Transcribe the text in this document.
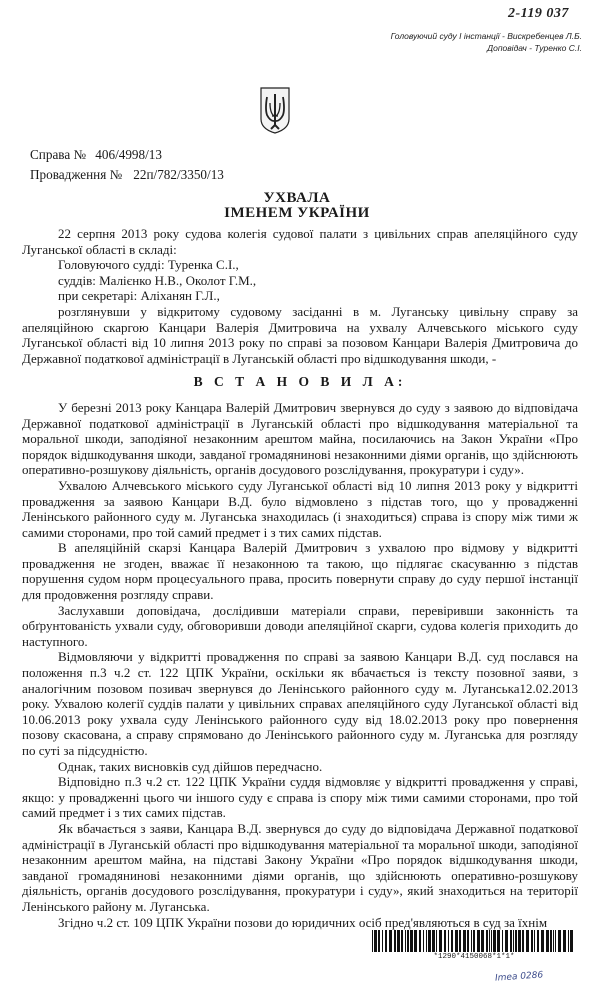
2-119 037
Головуючий суду І інстанції - Вискребенцев Л.Б.
Доповідач - Туренко С.І.
Справа № 406/4998/13
Провадження № 22п/782/3350/13
УХВАЛА
ІМЕНЕМ УКРАЇНИ

22 серпня 2013 року судова колегія судової палати з цивільних справ апеляційного суду Луганської області в складі:

Головуючого судді: Туренка С.І.,

суддів: Малієнко Н.В., Околот Г.М.,

при секретарі: Аліханян Г.Л.,

розглянувши у відкритому судовому засіданні в м. Луганську цивільну справу за апеляційною скаргою Канцари Валерія Дмитровича на ухвалу Алчевського міського суду Луганської області від 10 липня 2013 року по справі за позовом Канцари Валерія Дмитровича до Державної податкової адміністрації в Луганській області про відшкодування шкоди, -

В С Т А Н О В И Л А:

У березні 2013 року Канцара Валерій Дмитрович звернувся до суду з заявою до відповідача Державної податкової адміністрації в Луганській області про відшкодування матеріальної та моральної шкоди, заподіяної незаконним арештом майна, посилаючись на Закон України «Про порядок відшкодування шкоди, завданої громадянинові незаконними діями органів, що здійснюють оперативно-розшукову діяльність, органів досудового розслідування, прокуратури і суду».

Ухвалою Алчевського міського суду Луганської області від 10 липня 2013 року у відкритті провадження за заявою Канцари В.Д. було відмовлено з підстав того, що у провадженні Ленінського районного суду м. Луганська знаходилась (і знаходиться) справа із спору між тими ж самими сторонами, про той самий предмет і з тих самих підстав.

В апеляційній скарзі Канцара Валерій Дмитрович з ухвалою про відмову у відкритті провадження не згоден, вважає її незаконною та такою, що підлягає скасуванню з підстав порушення судом норм процесуального права, просить повернути справу до суду першої інстанції для продовження розгляду справи.

Заслухавши доповідача, дослідивши матеріали справи, перевіривши законність та обґрунтованість ухвали суду, обговоривши доводи апеляційної скарги, судова колегія приходить до наступного.

Відмовляючи у відкритті провадження по справі за заявою Канцари В.Д. суд послався на положення п.3 ч.2 ст. 122 ЦПК України, оскільки як вбачається із тексту позовної заяви, з аналогічним позовом позивач звернувся до Ленінського районного суду м. Луганська12.02.2013 року. Ухвалою колегії суддів палати у цивільних справах апеляційного суду Луганської області від 10.06.2013 року ухвала суду Ленінського районного суду від 18.02.2013 року про повернення позову скасована, а справу спрямовано до Ленінського районного суду м. Луганська для розгляду по суті за підсудністю.

Однак, таких висновків суд дійшов передчасно.

Відповідно п.3 ч.2 ст. 122 ЦПК України суддя відмовляє у відкритті провадження у справі, якщо: у провадженні цього чи іншого суду є справа із спору між тими самими сторонами, про той самий предмет і з тих самих підстав.

Як вбачається з заяви, Канцара В.Д. звернувся до суду до відповідача Державної податкової адміністрації в Луганській області про відшкодування матеріальної та моральної шкоди, заподіяної незаконним арештом майна, на підставі Закону України «Про порядок відшкодування шкоди, завданої громадянинові незаконними діями органів, що здійснюють оперативно-розшукову діяльність, органів досудового розслідування, прокуратури і суду», який знаходиться на території Ленінського району м. Луганська.

Згідно ч.2 ст. 109 ЦПК України позови до юридичних осіб пред'являються в суд за їхнім

*1290*4150068*1*1*
Imeа 0286
